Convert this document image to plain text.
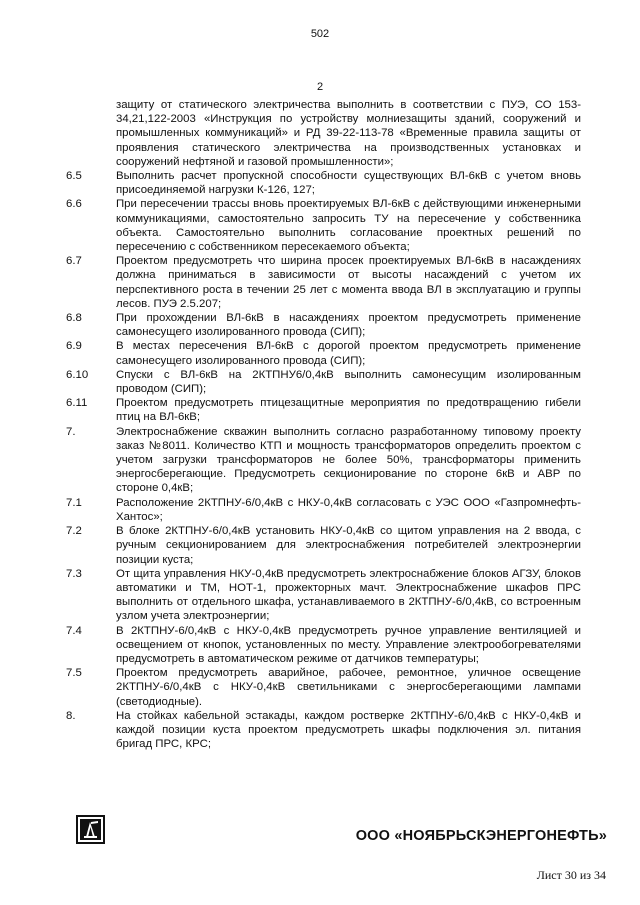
502
2
защиту от статического электричества выполнить в соответствии с ПУЭ, СО 153-34,21,122-2003 «Инструкция по устройству молниезащиты зданий, сооружений и промышленных коммуникаций» и РД 39-22-113-78 «Временные правила защиты от проявления статического электричества на производственных установках и сооружений нефтяной и газовой промышленности»;
6.5	Выполнить расчет пропускной способности существующих ВЛ-6кВ с учетом вновь присоединяемой нагрузки К-126, 127;
6.6	При пересечении трассы вновь проектируемых ВЛ-6кВ с действующими инженерными коммуникациями, самостоятельно запросить ТУ на пересечение у собственника объекта. Самостоятельно выполнить согласование проектных решений по пересечению с собственником пересекаемого объекта;
6.7	Проектом предусмотреть что ширина просек проектируемых ВЛ-6кВ в насаждениях должна приниматься в зависимости от высоты насаждений с учетом их перспективного роста в течении 25 лет с момента ввода ВЛ в эксплуатацию и группы лесов. ПУЭ 2.5.207;
6.8	При прохождении ВЛ-6кВ в насаждениях проектом предусмотреть применение самонесущего изолированного провода (СИП);
6.9	В местах пересечения ВЛ-6кВ с дорогой проектом предусмотреть применение самонесущего изолированного провода (СИП);
6.10	Спуски с ВЛ-6кВ на 2КТПНУ6/0,4кВ выполнить самонесущим изолированным проводом (СИП);
6.11	Проектом предусмотреть птицезащитные мероприятия по предотвращению гибели птиц на ВЛ-6кВ;
7.	Электроснабжение скважин выполнить согласно разработанному типовому проекту заказ №8011. Количество КТП и мощность трансформаторов определить проектом с учетом загрузки трансформаторов не более 50%, трансформаторы применить энергосберегающие. Предусмотреть секционирование по стороне 6кВ и АВР по стороне 0,4кВ;
7.1	Расположение 2КТПНУ-6/0,4кВ с НКУ-0,4кВ согласовать с УЭС ООО «Газпромнефть-Хантос»;
7.2	В блоке 2КТПНУ-6/0,4кВ установить НКУ-0,4кВ со щитом управления на 2 ввода, с ручным секционированием для электроснабжения потребителей электроэнергии позиции куста;
7.3	От щита управления НКУ-0,4кВ предусмотреть электроснабжение блоков АГЗУ, блоков автоматики и ТМ, НОТ-1, прожекторных мачт. Электроснабжение шкафов ПРС выполнить от отдельного шкафа, устанавливаемого в 2КТПНУ-6/0,4кВ, со встроенным узлом учета электроэнергии;
7.4	В 2КТПНУ-6/0,4кВ с НКУ-0,4кВ предусмотреть ручное управление вентиляцией и освещением от кнопок, установленных по месту. Управление электрообогревателями предусмотреть в автоматическом режиме от датчиков температуры;
7.5	Проектом предусмотреть аварийное, рабочее, ремонтное, уличное освещение 2КТПНУ-6/0,4кВ с НКУ-0,4кВ светильниками с энергосберегающими лампами (светодиодные).
8.	На стойках кабельной эстакады, каждом ростверке 2КТПНУ-6/0,4кВ с НКУ-0,4кВ и каждой позиции куста проектом предусмотреть шкафы подключения эл. питания бригад ПРС, КРС;
ООО «НОЯБРЬСКЭНЕРГОНЕФТЬ»
Лист 30 из 34
